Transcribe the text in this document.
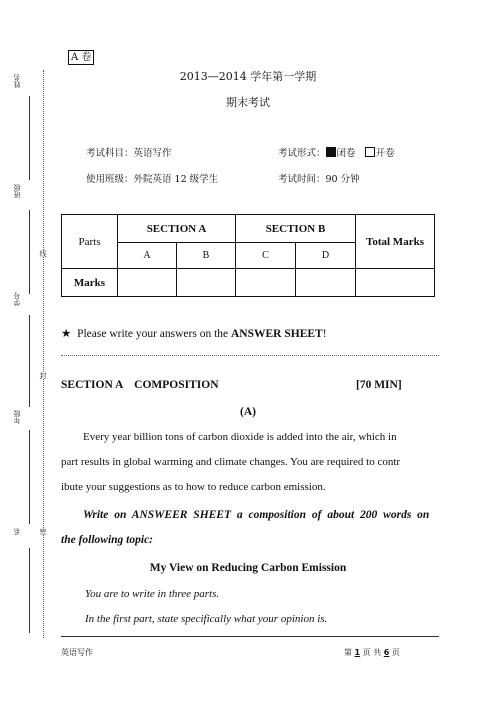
姓名
班级
学号
年级
系
线
封
密
A 卷
2013—2014 学年第一学期
期末考试
考试科目：英语写作	考试形式： 闭卷 开卷
使用班级：外院英语 12 级学生	考试时间：90 分钟
Parts	SECTION A		SECTION B		Total Marks
	A	B	C	D	
Marks					
★ Please write your answers on the ANSWER SHEET!
SECTION A    COMPOSITION	[70 MIN]
(A)
Every year billion tons of carbon dioxide is added into the air, which in
part results in global warming and climate changes. You are required to contr
ibute your suggestions as to how to reduce carbon emission.
Write on ANSWEER SHEET a composition of about 200 words on
the following topic:
My View on Reducing Carbon Emission
You are to write in three parts.
In the first part, state specifically what your opinion is.
英语写作	第 1 页 共 6 页
